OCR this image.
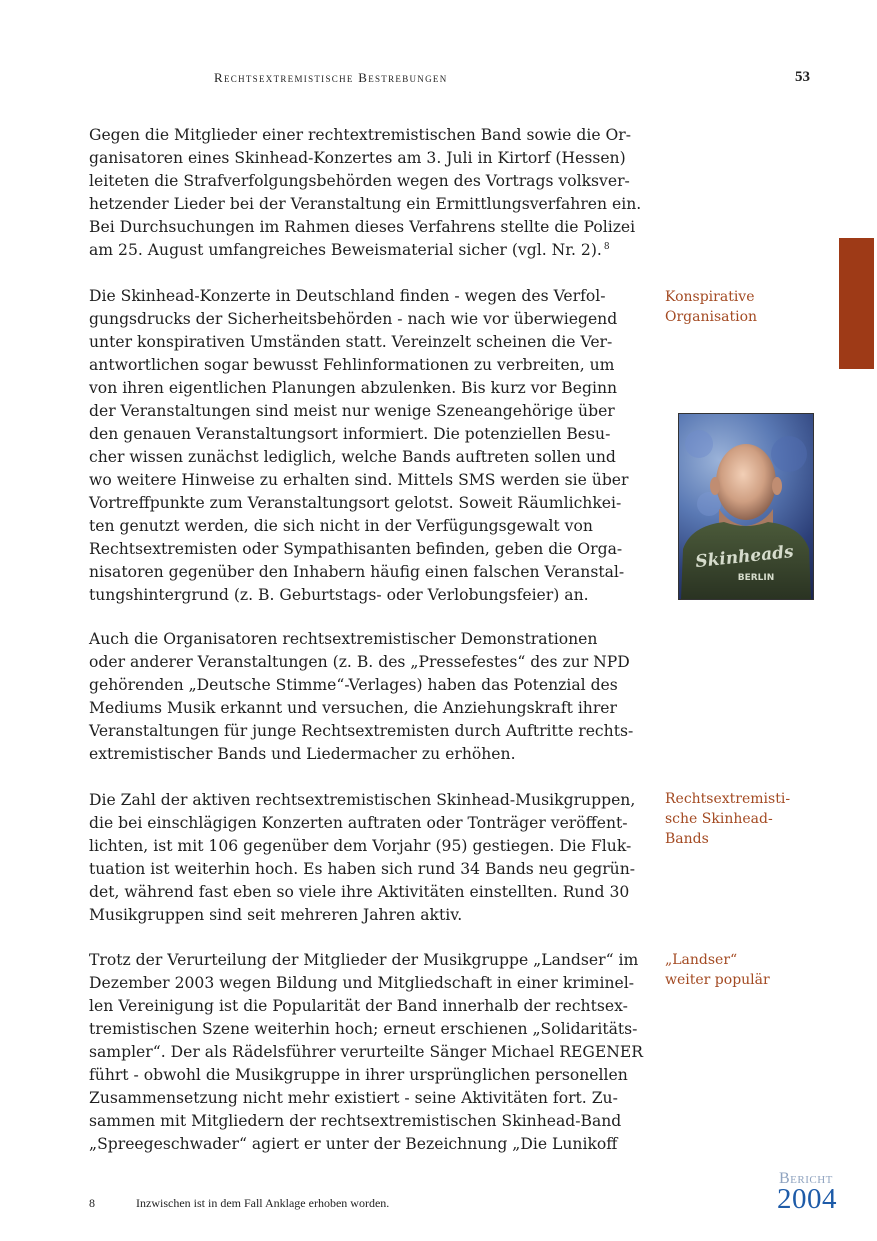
Rechtsextremistische Bestrebungen	53

Gegen die Mitglieder einer rechtextremistischen Band sowie die Or-
ganisatoren eines Skinhead-Konzertes am 3. Juli in Kirtorf (Hessen)
leiteten die Strafverfolgungsbehörden wegen des Vortrags volksver-
hetzender Lieder bei der Veranstaltung ein Ermittlungsverfahren ein.
Bei Durchsuchungen im Rahmen dieses Verfahrens stellte die Polizei
am 25. August umfangreiches Beweismaterial sicher (vgl. Nr. 2). $^8$

Die Skinhead-Konzerte in Deutschland finden - wegen des Verfol-
gungsdrucks der Sicherheitsbehörden - nach wie vor überwiegend
unter konspirativen Umständen statt. Vereinzelt scheinen die Ver-
antwortlichen sogar bewusst Fehlinformationen zu verbreiten, um
von ihren eigentlichen Planungen abzulenken. Bis kurz vor Beginn
der Veranstaltungen sind meist nur wenige Szeneangehörige über
den genauen Veranstaltungsort informiert. Die potenziellen Besu-
cher wissen zunächst lediglich, welche Bands auftreten sollen und
wo weitere Hinweise zu erhalten sind. Mittels SMS werden sie über
Vortreffpunkte zum Veranstaltungsort gelotst. Soweit Räumlichkei-
ten genutzt werden, die sich nicht in der Verfügungsgewalt von
Rechtsextremisten oder Sympathisanten befinden, geben die Orga-
nisatoren gegenüber den Inhabern häufig einen falschen Veranstal-
tungshintergrund (z. B. Geburtstags- oder Verlobungsfeier) an.

Auch die Organisatoren rechtsextremistischer Demonstrationen
oder anderer Veranstaltungen (z. B. des „Pressefestes“ des zur NPD
gehörenden „Deutsche Stimme“-Verlages) haben das Potenzial des
Mediums Musik erkannt und versuchen, die Anziehungskraft ihrer
Veranstaltungen für junge Rechtsextremisten durch Auftritte rechts-
extremistischer Bands und Liedermacher zu erhöhen.

Die Zahl der aktiven rechtsextremistischen Skinhead-Musikgruppen,
die bei einschlägigen Konzerten auftraten oder Tonträger veröffent-
lichten, ist mit 106 gegenüber dem Vorjahr (95) gestiegen. Die Fluk-
tuation ist weiterhin hoch. Es haben sich rund 34 Bands neu gegrün-
det, während fast eben so viele ihre Aktivitäten einstellten. Rund 30
Musikgruppen sind seit mehreren Jahren aktiv.

Trotz der Verurteilung der Mitglieder der Musikgruppe „Landser“ im
Dezember 2003 wegen Bildung und Mitgliedschaft in einer kriminel-
len Vereinigung ist die Popularität der Band innerhalb der rechtsex-
tremistischen Szene weiterhin hoch; erneut erschienen „Solidaritäts-
sampler“. Der als Rädelsführer verurteilte Sänger Michael REGENER
führt - obwohl die Musikgruppe in ihrer ursprünglichen personellen
Zusammensetzung nicht mehr existiert - seine Aktivitäten fort. Zu-
sammen mit Mitgliedern der rechtsextremistischen Skinhead-Band
„Spreegeschwader“ agiert er unter der Bezeichnung „Die Lunikoff

Konspirative
Organisation
Rechtsextremisti-
sche Skinhead-
Bands
„Landser“
weiter populär
Skinheads
BERLIN
8	Inzwischen ist in dem Fall Anklage erhoben worden.
Bericht
2004
